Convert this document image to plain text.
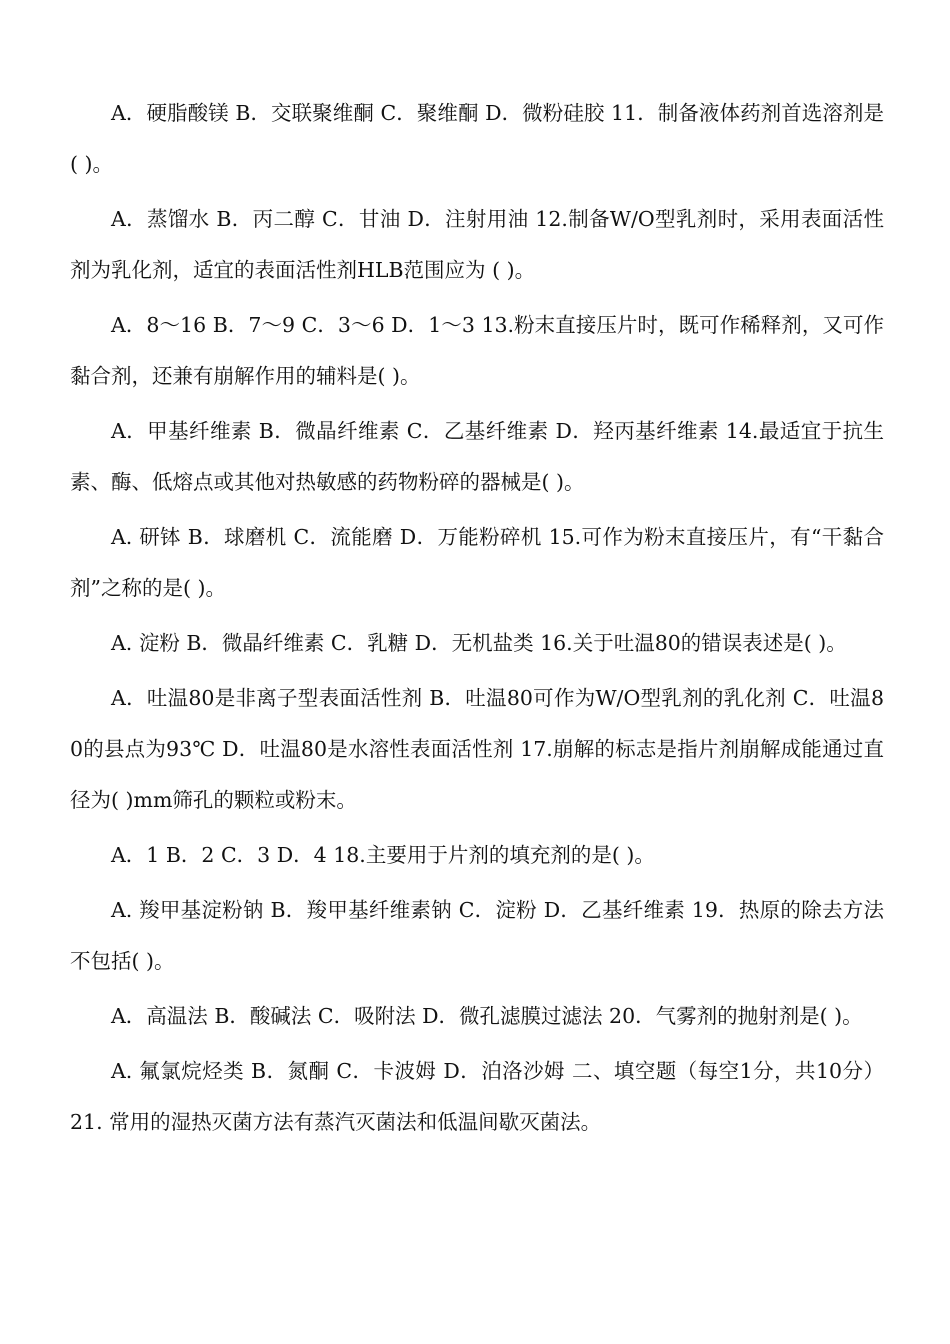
A．硬脂酸镁 B．交联聚维酮 C．聚维酮 D．微粉硅胶 11．制备液体药剂首选溶剂是( )。

A．蒸馏水 B．丙二醇 C．甘油 D．注射用油 12.制备W/O型乳剂时，采用表面活性剂为乳化剂，适宜的表面活性剂HLB范围应为 ( )。

A．8～16 B．7～9 C．3～6 D．1～3 13.粉末直接压片时，既可作稀释剂，又可作黏合剂，还兼有崩解作用的辅料是( )。

A．甲基纤维素 B．微晶纤维素 C．乙基纤维素 D．羟丙基纤维素 14.最适宜于抗生素、酶、低熔点或其他对热敏感的药物粉碎的器械是( )。

A. 研钵 B．球磨机 C．流能磨 D．万能粉碎机 15.可作为粉末直接压片，有“干黏合剂”之称的是( )。

A. 淀粉 B．微晶纤维素 C．乳糖 D．无机盐类 16.关于吐温80的错误表述是( )。

A．吐温80是非离子型表面活性剂 B．吐温80可作为W/O型乳剂的乳化剂 C．吐温80的县点为93℃ D．吐温80是水溶性表面活性剂 17.崩解的标志是指片剂崩解成能通过直径为( )mm筛孔的颗粒或粉末。

A．1 B．2 C．3 D．4 18.主要用于片剂的填充剂的是( )。

A. 羧甲基淀粉钠 B．羧甲基纤维素钠 C．淀粉 D．乙基纤维素 19．热原的除去方法不包括( )。

A．高温法 B．酸碱法 C．吸附法 D．微孔滤膜过滤法 20．气雾剂的抛射剂是( )。

A. 氟氯烷烃类 B．氮酮 C．卡波姆 D．泊洛沙姆 二、填空题（每空1分，共10分） 21. 常用的湿热灭菌方法有蒸汽灭菌法和低温间歇灭菌法。
